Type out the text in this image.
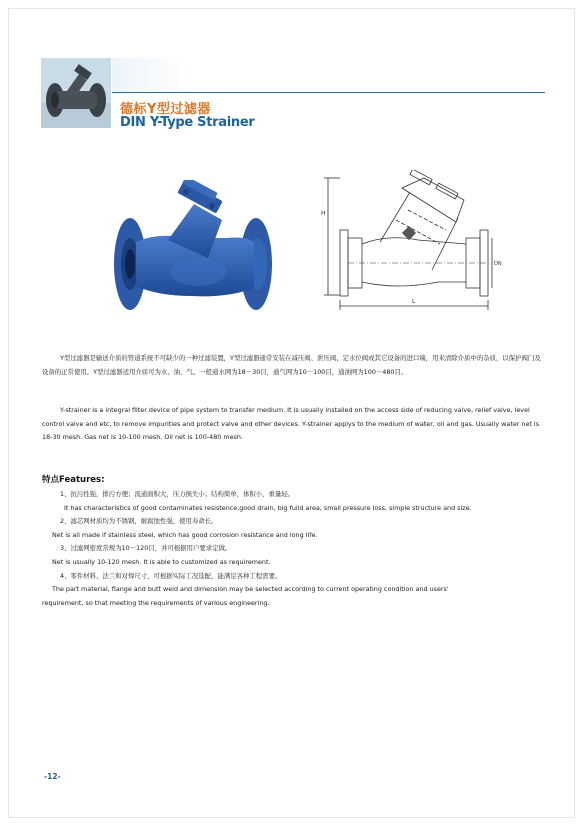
德标Y型过滤器
DIN Y-Type Strainer
H
DN
L
Y型过滤器是输送介质的管道系统不可缺少的一种过滤装置，Y型过滤器通常安装在减压阀、泄压阀、定水位阀或其它设备的进口端，用来清除介质中的杂质，以保护阀门及设备的正常使用。Y型过滤器适用介质可为水、油、气。一般通水网为18－30目，通气网为10－100目，通油网为100－480目。
Y-strainer is a integral filter device of pipe system to transfer medium. It is usually installed on the access side of reducing valve, relief valve, level control valve and etc, to remove impurities and protect valve and other devices. Y-strainer applys to the medium of water, oil and gas. Usually water net is 18-30 mesh. Gas net is 10-100 mesh. Oil net is 100-480 mesh.
特点Features:
1、抗污性强，排污方便；流通面积大，压力损失小；结构简单，体积小，重量轻。
It has characteristics of good contaminates resistence,good drain, big fuild area, small pressure loss, simple structure and size.
2、滤芯网材质均为不锈钢，耐腐蚀性强，使用寿命长。
Net is all made if stainless steel, which has good corrosion resistance and long life.
3、过滤网密度常规为10－120目，并可根据用户要求定做。
Net is usually 10-120 mesh. It is able to customized as requirement.
4、零件材料、法兰和对焊尺寸，可根据实际工况选配，能满足各种工程需要。
The part material, flange and butt weld and dimension may be selected according to current operating condition and users'
requirement, so that meeting the requirements of various engineering.
-12-
